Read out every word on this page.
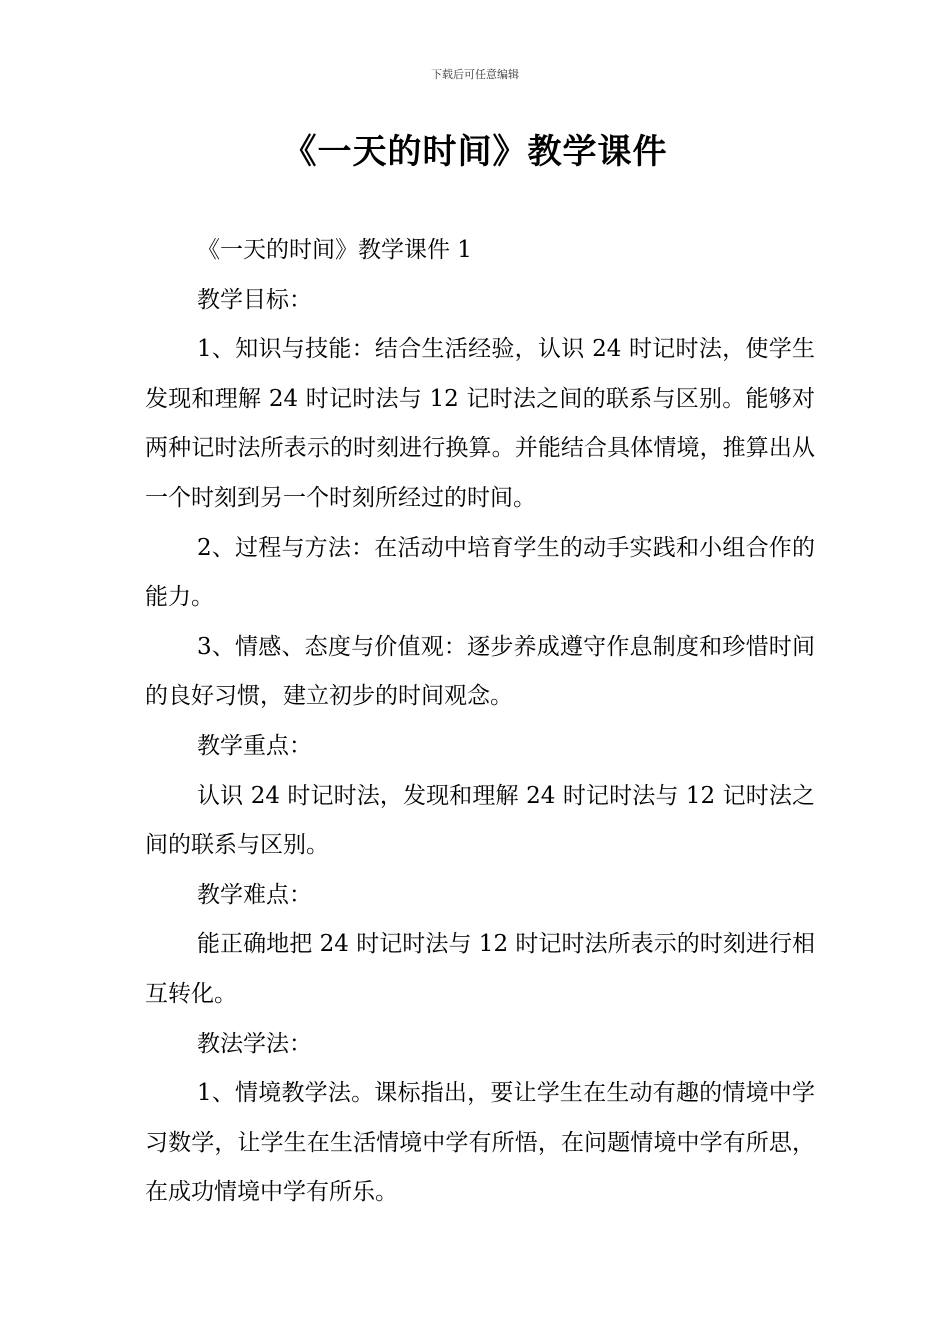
下载后可任意编辑
《一天的时间》教学课件

《一天的时间》教学课件 1

教学目标：

1、知识与技能：结合生活经验，认识 24 时记时法，使学生发现和理解 24 时记时法与 12 记时法之间的联系与区别。能够对两种记时法所表示的时刻进行换算。并能结合具体情境，推算出从一个时刻到另一个时刻所经过的时间。

2、过程与方法：在活动中培育学生的动手实践和小组合作的能力。

3、情感、态度与价值观：逐步养成遵守作息制度和珍惜时间的良好习惯，建立初步的时间观念。

教学重点：

认识 24 时记时法，发现和理解 24 时记时法与 12 记时法之间的联系与区别。

教学难点：

能正确地把 24 时记时法与 12 时记时法所表示的时刻进行相互转化。

教法学法：

1、情境教学法。课标指出，要让学生在生动有趣的情境中学习数学，让学生在生活情境中学有所悟，在问题情境中学有所思，在成功情境中学有所乐。
